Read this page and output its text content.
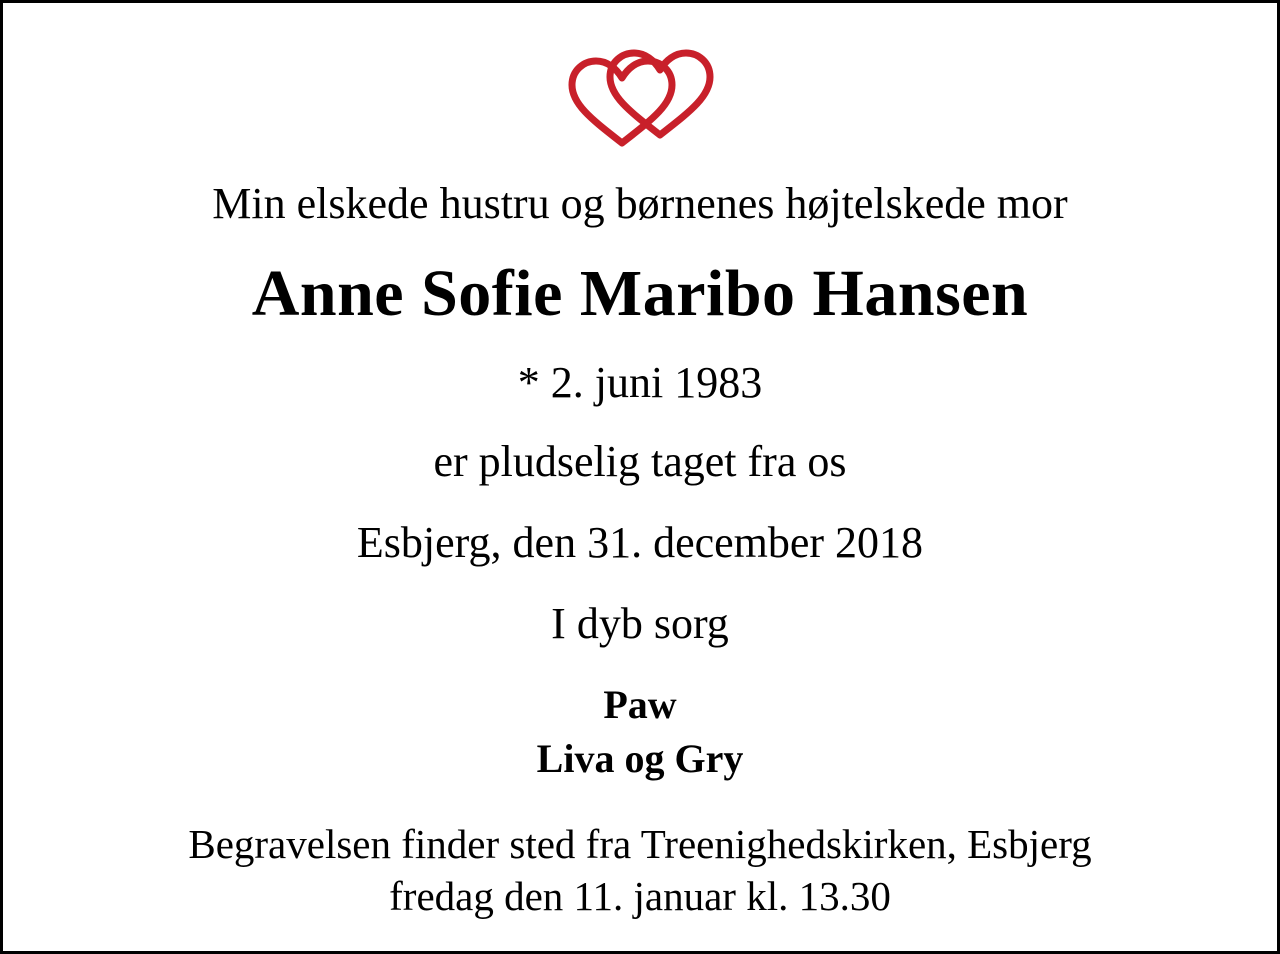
Min elskede hustru og børnenes højtelskede mor
Anne Sofie Maribo Hansen
* 2. juni 1983
er pludselig taget fra os
Esbjerg, den 31. december 2018
I dyb sorg
Paw
Liva og Gry
Begravelsen finder sted fra Treenighedskirken, Esbjerg
fredag den 11. januar kl. 13.30
